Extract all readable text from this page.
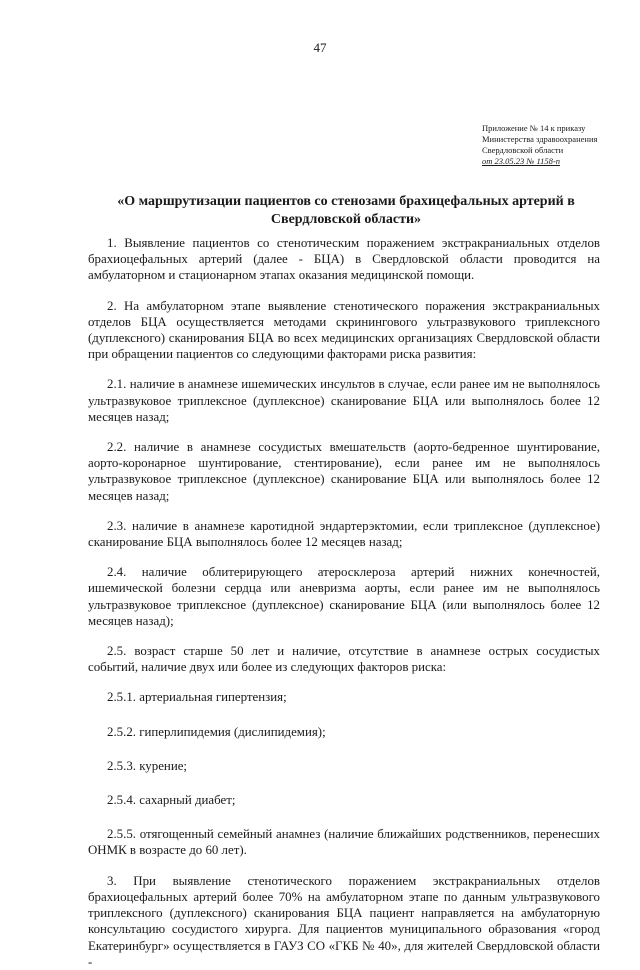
47
Приложение № 14 к приказу
Министерства здравоохранения
Свердловской области
от 23.05.23 № 1158-п
«О маршрутизации пациентов со стенозами брахицефальных артерий в Свердловской области»

1. Выявление пациентов со стенотическим поражением экстракраниальных отделов брахиоцефальных артерий (далее - БЦА) в Свердловской области проводится на амбулаторном и стационарном этапах оказания медицинской помощи.

2. На амбулаторном этапе выявление стенотического поражения экстракраниальных отделов БЦА осуществляется методами скринингового ультразвукового триплексного (дуплексного) сканирования БЦА во всех медицинских организациях Свердловской области при обращении пациентов со следующими факторами риска развития:

2.1. наличие в анамнезе ишемических инсультов в случае, если ранее им не выполнялось ультразвуковое триплексное (дуплексное) сканирование БЦА или выполнялось более 12 месяцев назад;

2.2. наличие в анамнезе сосудистых вмешательств (аорто-бедренное шунтирование, аорто-коронарное шунтирование, стентирование), если ранее им не выполнялось ультразвуковое триплексное (дуплексное) сканирование БЦА или выполнялось более 12 месяцев назад;

2.3. наличие в анамнезе каротидной эндартерэктомии, если триплексное (дуплексное) сканирование БЦА выполнялось более 12 месяцев назад;

2.4. наличие облитерирующего атеросклероза артерий нижних конечностей, ишемической болезни сердца или аневризма аорты, если ранее им не выполнялось ультразвуковое триплексное (дуплексное) сканирование БЦА (или выполнялось более 12 месяцев назад);

2.5. возраст старше 50 лет и наличие, отсутствие в анамнезе острых сосудистых событий, наличие двух или более из следующих факторов риска:

2.5.1. артериальная гипертензия;

2.5.2. гиперлипидемия (дислипидемия);

2.5.3. курение;

2.5.4. сахарный диабет;

2.5.5. отягощенный семейный анамнез (наличие ближайших родственников, перенесших ОНМК в возрасте до 60 лет).

3. При выявление стенотического поражением экстракраниальных отделов брахиоцефальных артерий более 70% на амбулаторном этапе по данным ультразвукового триплексного (дуплексного) сканирования БЦА пациент направляется на амбулаторную консультацию сосудистого хирурга. Для пациентов муниципального образования «город Екатеринбург» осуществляется в ГАУЗ СО «ГКБ № 40», для жителей Свердловской области -
